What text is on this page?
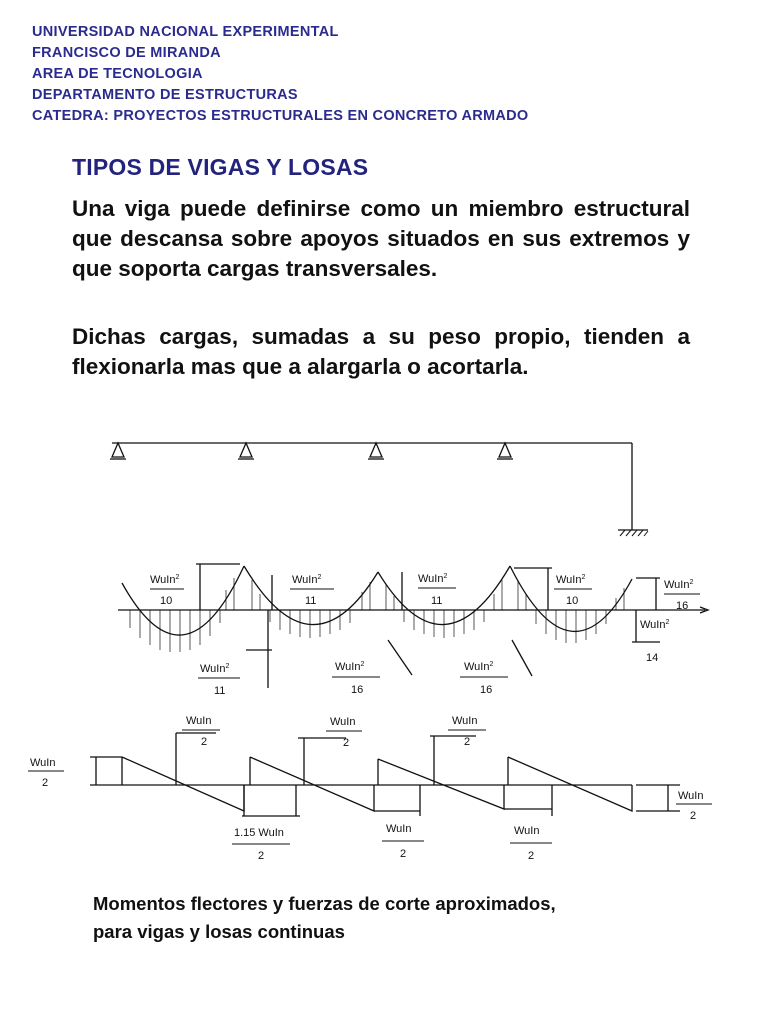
UNIVERSIDAD NACIONAL EXPERIMENTAL
FRANCISCO DE MIRANDA
AREA DE TECNOLOGIA
DEPARTAMENTO DE ESTRUCTURAS
CATEDRA: PROYECTOS ESTRUCTURALES EN CONCRETO ARMADO
TIPOS DE VIGAS Y LOSAS
Una viga puede definirse como un miembro estructural que descansa sobre apoyos situados en sus extremos y que soporta cargas transversales.
Dichas cargas, sumadas a su peso propio, tienden a flexionarla mas que a alargarla o acortarla.
WuIn$^2$
10
WuIn$^2$
11
WuIn$^2$
11
WuIn$^2$
10
WuIn$^2$
16
WuIn$^2$
14
WuIn$^2$
11
WuIn$^2$
16
WuIn$^2$
16
WuIn
2
WuIn
2
WuIn
2
WuIn
2
WuIn
2
1.15 WuIn
2
WuIn
2
WuIn
2
Momentos flectores y fuerzas de corte aproximados,
para vigas y losas continuas
